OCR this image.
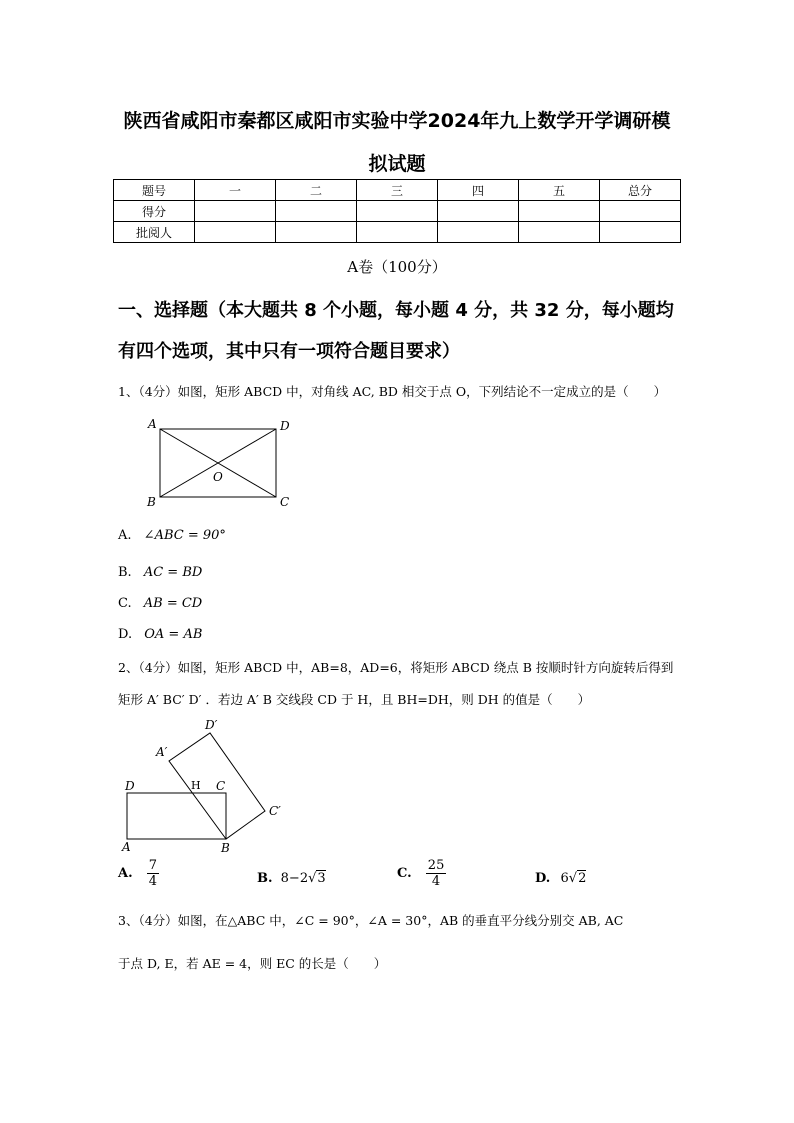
陕西省咸阳市秦都区咸阳市实验中学2024年九上数学开学调研模
拟试题
题号	一	二	三	四	五	总分
得分						
批阅人						
A卷（100分）
一、选择题（本大题共 8 个小题，每小题 4 分，共 32 分，每小题均
有四个选项，其中只有一项符合题目要求）
1、（4分）如图，矩形 ABCD 中，对角线 AC, BD 相交于点 O，下列结论不一定成立的是（　　）
A	D
B	C
O
A. ∠ABC = 90°
B. AC = BD
C. AB = CD
D. OA = AB
2、（4分）如图，矩形 ABCD 中，AB=8，AD=6，将矩形 ABCD 绕点 B 按顺时针方向旋转后得到
矩形 A′ BC′ D′ ．若边 A′ B 交线段 CD 于 H，且 BH=DH，则 DH 的值是（　　）
D	H C
A	B
A′
D′
C′
A. $\frac{7}{4}$	B. 8−2√3	C. $\frac{25}{4}$	D. 6√2
3、（4分）如图，在△ABC 中，∠C = 90°，∠A = 30°，AB 的垂直平分线分别交 AB, AC
于点 D, E，若 AE = 4，则 EC 的长是（　　）
